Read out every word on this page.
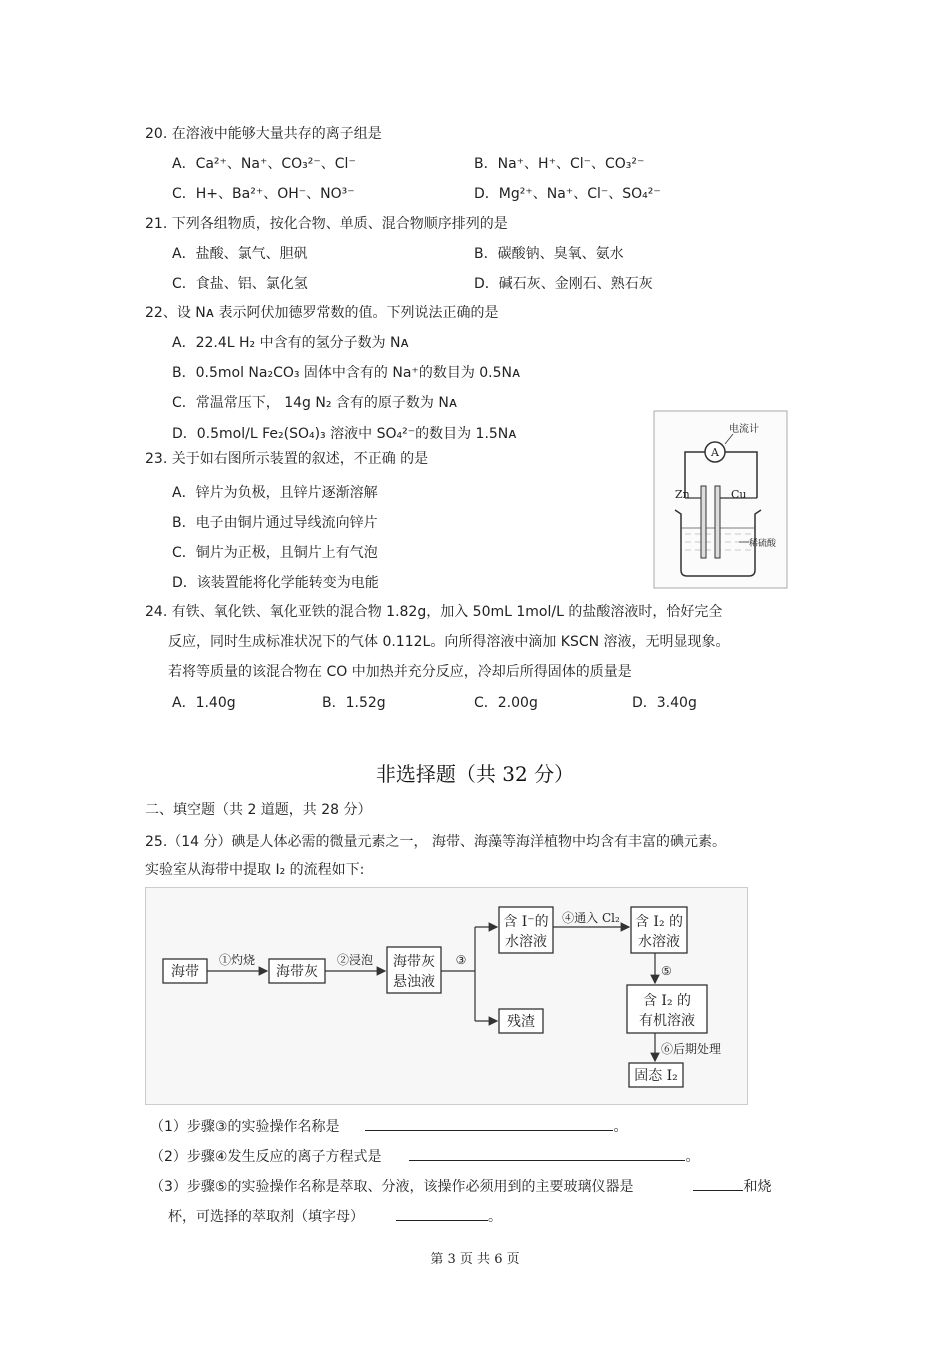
20. 在溶液中能够大量共存的离子组是
A．Ca²⁺、Na⁺、CO₃²⁻、Cl⁻	B．Na⁺、H⁺、Cl⁻、CO₃²⁻
C．H+、Ba²⁺、OH⁻、NO³⁻	D．Mg²⁺、Na⁺、Cl⁻、SO₄²⁻
21. 下列各组物质，按化合物、单质、混合物顺序排列的是
A．盐酸、氯气、胆矾	B．碳酸钠、臭氧、氨水
C．食盐、铝、氯化氢	D．碱石灰、金刚石、熟石灰
22、设 Nᴀ 表示阿伏加德罗常数的值。下列说法正确的是
A．22.4L H₂ 中含有的氢分子数为 Nᴀ
B．0.5mol Na₂CO₃ 固体中含有的 Na⁺的数目为 0.5Nᴀ
C．常温常压下， 14g N₂ 含有的原子数为 Nᴀ
D．0.5mol/L Fe₂(SO₄)₃ 溶液中 SO₄²⁻的数目为 1.5Nᴀ
23. 关于如右图所示装置的叙述，不正确 的是
A．锌片为负极，且锌片逐渐溶解
B．电子由铜片通过导线流向锌片
C．铜片为正极，且铜片上有气泡
D．该装置能将化学能转变为电能
A
电流计
Zn	Cu
稀硫酸
24. 有铁、氧化铁、氧化亚铁的混合物 1.82g，加入 50mL 1mol/L 的盐酸溶液时，恰好完全
反应，同时生成标准状况下的气体 0.112L。向所得溶液中滴加 KSCN 溶液，无明显现象。
若将等质量的该混合物在 CO 中加热并充分反应，冷却后所得固体的质量是
A．1.40g	B．1.52g	C．2.00g	D．3.40g
非选择题（共 32 分）
二、填空题（共 2 道题，共 28 分）
25.（14 分）碘是人体必需的微量元素之一， 海带、海藻等海洋植物中均含有丰富的碘元素。
实验室从海带中提取 I₂ 的流程如下:
海带
①灼烧
海带灰
②浸泡 海带灰
悬浊液
③
含 I⁻的
水溶液
④通入 Cl₂ 含 I₂ 的
水溶液
残渣
⑤
含 I₂ 的
有机溶液
⑥后期处理
固态 I₂
（1）步骤③的实验操作名称是	。
（2）步骤④发生反应的离子方程式是	。
（3）步骤⑤的实验操作名称是萃取、分液，该操作必须用到的主要玻璃仪器是	和烧
杯，可选择的萃取剂（填字母）	。
第 3 页 共 6 页
